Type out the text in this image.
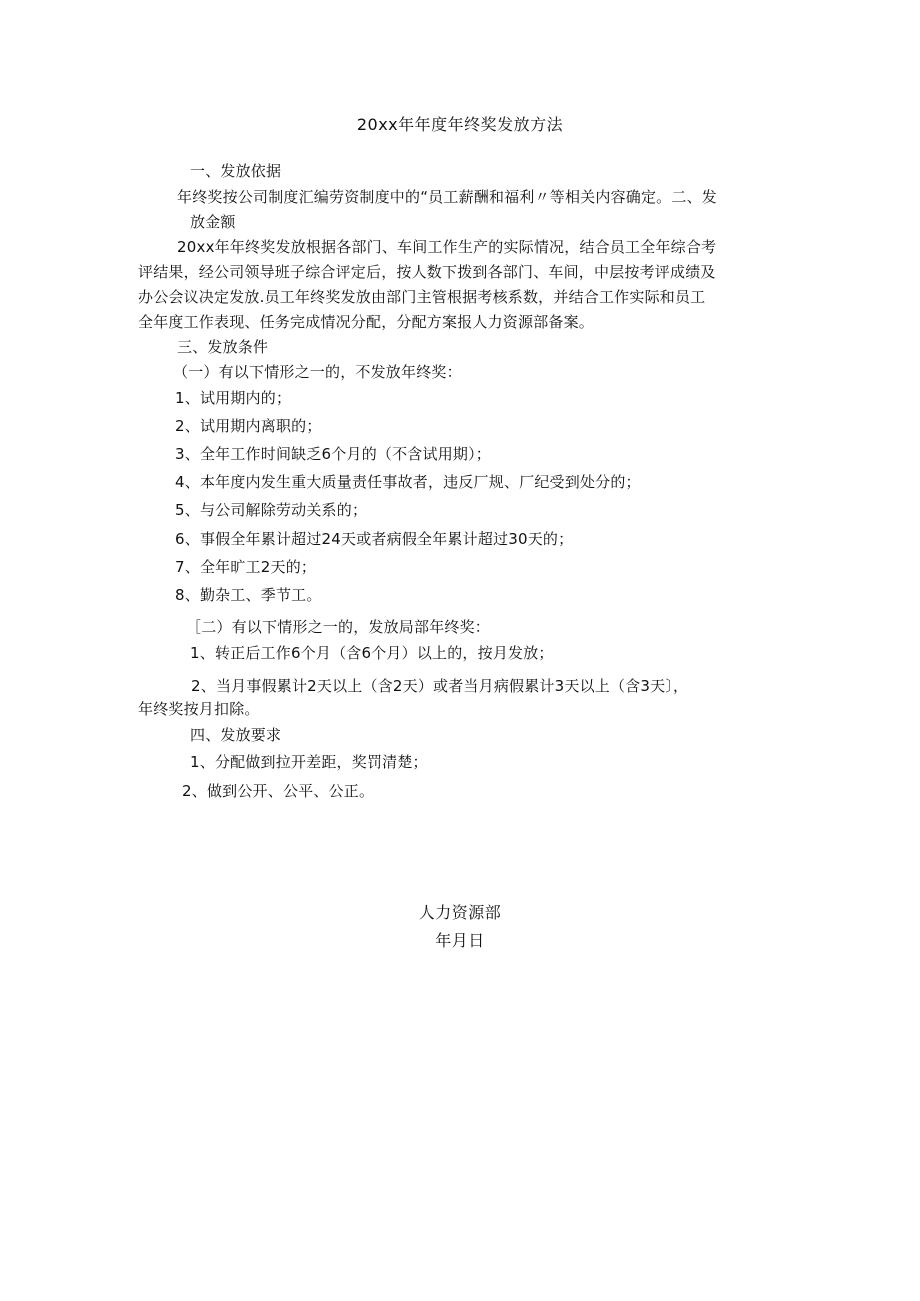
20xx年年度年终奖发放方法
一、发放依据
年终奖按公司制度汇编劳资制度中的“员工薪酬和福利〃等相关内容确定。二、发
放金额
20xx年年终奖发放根据各部门、车间工作生产的实际情况，结合员工全年综合考
评结果，经公司领导班子综合评定后，按人数下拨到各部门、车间，中层按考评成绩及
办公会议决定发放.员工年终奖发放由部门主管根据考核系数，并结合工作实际和员工
全年度工作表现、任务完成情况分配，分配方案报人力资源部备案。
三、发放条件
（一）有以下情形之一的，不发放年终奖：
1、试用期内的；
2、试用期内离职的；
3、全年工作时间缺乏6个月的（不含试用期）；
4、本年度内发生重大质量责任事故者，违反厂规、厂纪受到处分的；
5、与公司解除劳动关系的；
6、事假全年累计超过24天或者病假全年累计超过30天的；
7、全年旷工2天的；
8、勤杂工、季节工。
［二）有以下情形之一的，发放局部年终奖：
1、转正后工作6个月（含6个月）以上的，按月发放；
2、当月事假累计2天以上（含2天）或者当月病假累计3天以上（含3天〕，
年终奖按月扣除。
四、发放要求
1、分配做到拉开差距，奖罚清楚；
2、做到公开、公平、公正。
人力资源部
年月日
